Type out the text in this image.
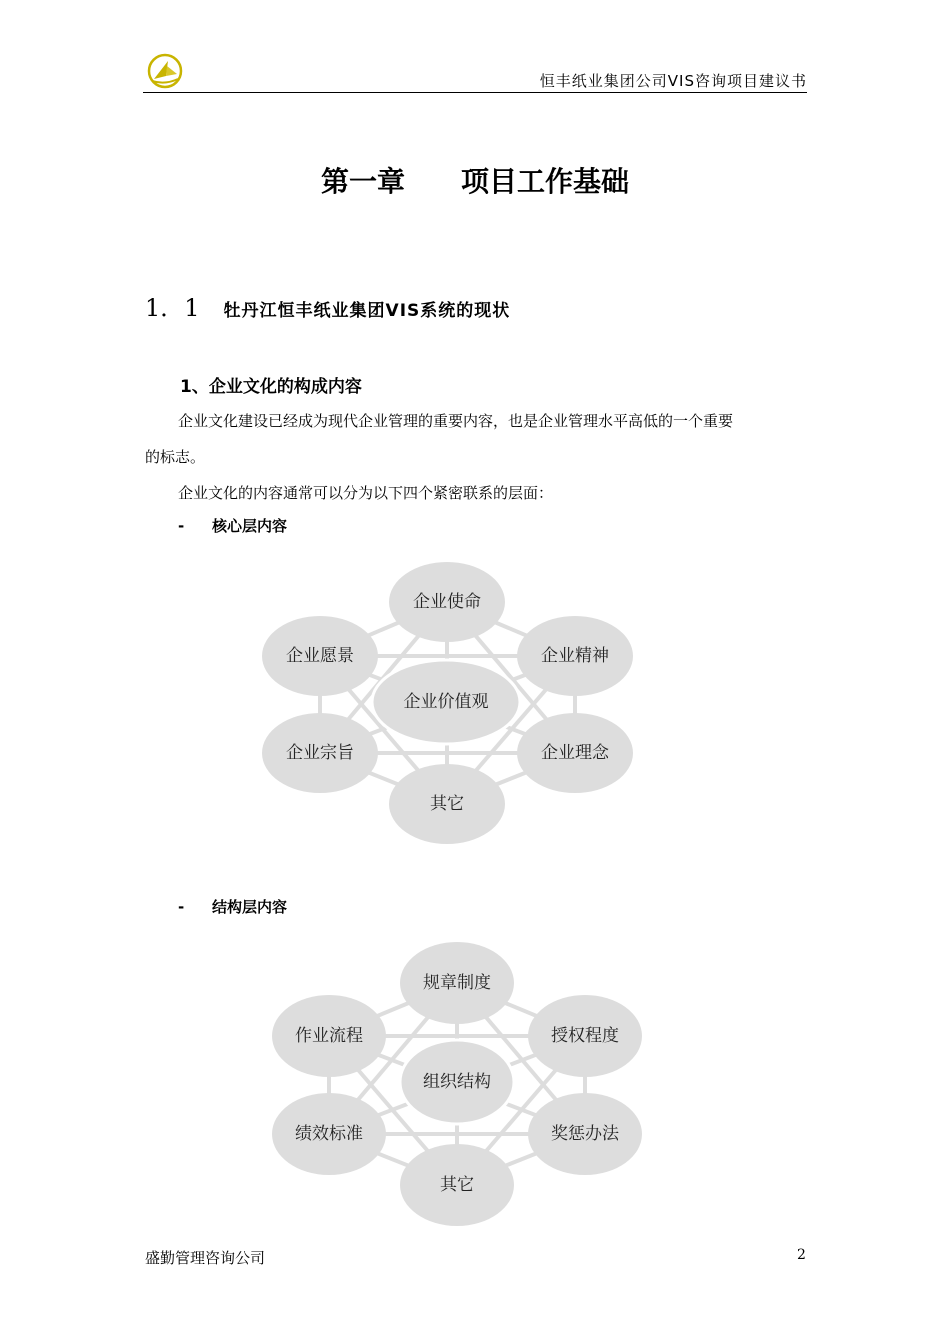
恒丰纸业集团公司VIS咨询项目建议书
第一章　　项目工作基础
1．1 牡丹江恒丰纸业集团VIS系统的现状
1、企业文化的构成内容
企业文化建设已经成为现代企业管理的重要内容，也是企业管理水平高低的一个重要
的标志。
企业文化的内容通常可以分为以下四个紧密联系的层面：
- 核心层内容
企业使命
企业愿景	企业精神
企业价值观
企业宗旨	企业理念
其它
- 结构层内容
规章制度
作业流程	授权程度
组织结构
绩效标准	奖惩办法
其它
盛勤管理咨询公司	2
